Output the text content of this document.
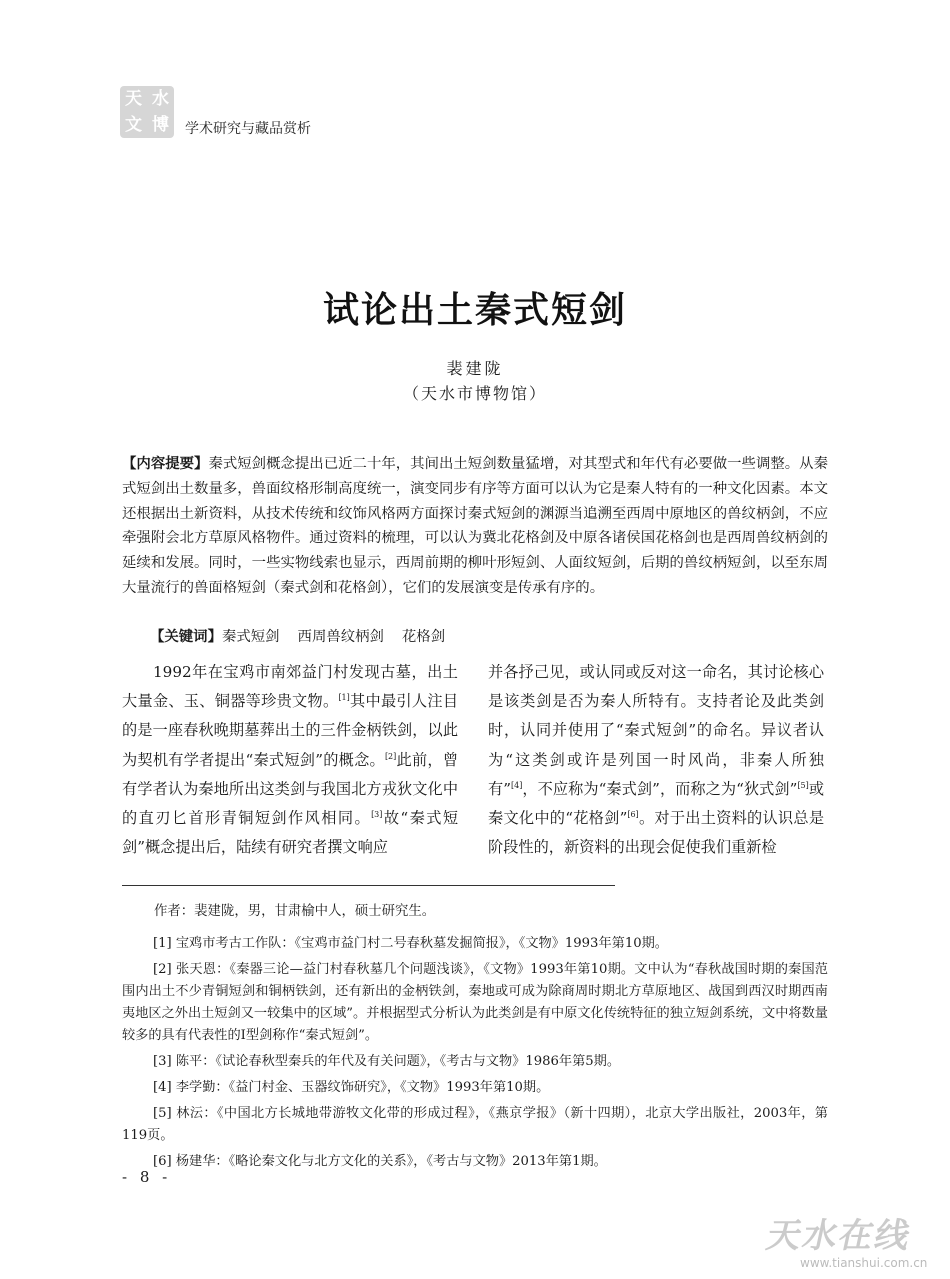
天 水
文 博	学术研究与藏品赏析
试论出土秦式短剑
裴建陇
（天水市博物馆）

【内容提要】秦式短剑概念提出已近二十年，其间出土短剑数量猛增，对其型式和年代有必要做一些调整。从秦式短剑出土数量多，兽面纹格形制高度统一，演变同步有序等方面可以认为它是秦人特有的一种文化因素。本文还根据出土新资料，从技术传统和纹饰风格两方面探讨秦式短剑的渊源当追溯至西周中原地区的兽纹柄剑，不应牵强附会北方草原风格物件。通过资料的梳理，可以认为冀北花格剑及中原各诸侯国花格剑也是西周兽纹柄剑的延续和发展。同时，一些实物线索也显示，西周前期的柳叶形短剑、人面纹短剑，后期的兽纹柄短剑，以至东周大量流行的兽面格短剑（秦式剑和花格剑），它们的发展演变是传承有序的。

【关键词】秦式短剑 西周兽纹柄剑 花格剑

1992年在宝鸡市南郊益门村发现古墓，出土大量金、玉、铜器等珍贵文物。[1]其中最引人注目的是一座春秋晚期墓葬出土的三件金柄铁剑，以此为契机有学者提出“秦式短剑”的概念。[2]此前，曾有学者认为秦地所出这类剑与我国北方戎狄文化中的直刃匕首形青铜短剑作风相同。[3]故“秦式短剑”概念提出后，陆续有研究者撰文响应

并各抒己见，或认同或反对这一命名，其讨论核心是该类剑是否为秦人所特有。支持者论及此类剑时，认同并使用了“秦式短剑”的命名。异议者认为“这类剑或许是列国一时风尚，非秦人所独有”[4]，不应称为“秦式剑”，而称之为“狄式剑”[5]或秦文化中的“花格剑”[6]。对于出土资料的认识总是阶段性的，新资料的出现会促使我们重新检

作者：裴建陇，男，甘肃榆中人，硕士研究生。

[1] 宝鸡市考古工作队：《宝鸡市益门村二号春秋墓发掘简报》，《文物》1993年第10期。

[2] 张天恩：《秦器三论—益门村春秋墓几个问题浅谈》，《文物》1993年第10期。文中认为“春秋战国时期的秦国范围内出土不少青铜短剑和铜柄铁剑，还有新出的金柄铁剑，秦地或可成为除商周时期北方草原地区、战国到西汉时期西南夷地区之外出土短剑又一较集中的区域”。并根据型式分析认为此类剑是有中原文化传统特征的独立短剑系统，文中将数量较多的具有代表性的Ⅰ型剑称作“秦式短剑”。

[3] 陈平：《试论春秋型秦兵的年代及有关问题》，《考古与文物》1986年第5期。

[4] 李学勤：《益门村金、玉器纹饰研究》，《文物》1993年第10期。

[5] 林沄：《中国北方长城地带游牧文化带的形成过程》，《燕京学报》（新十四期），北京大学出版社，2003年，第119页。

[6] 杨建华：《略论秦文化与北方文化的关系》，《考古与文物》2013年第1期。

- 8 -
天水在线
www.tianshui.com.cn
